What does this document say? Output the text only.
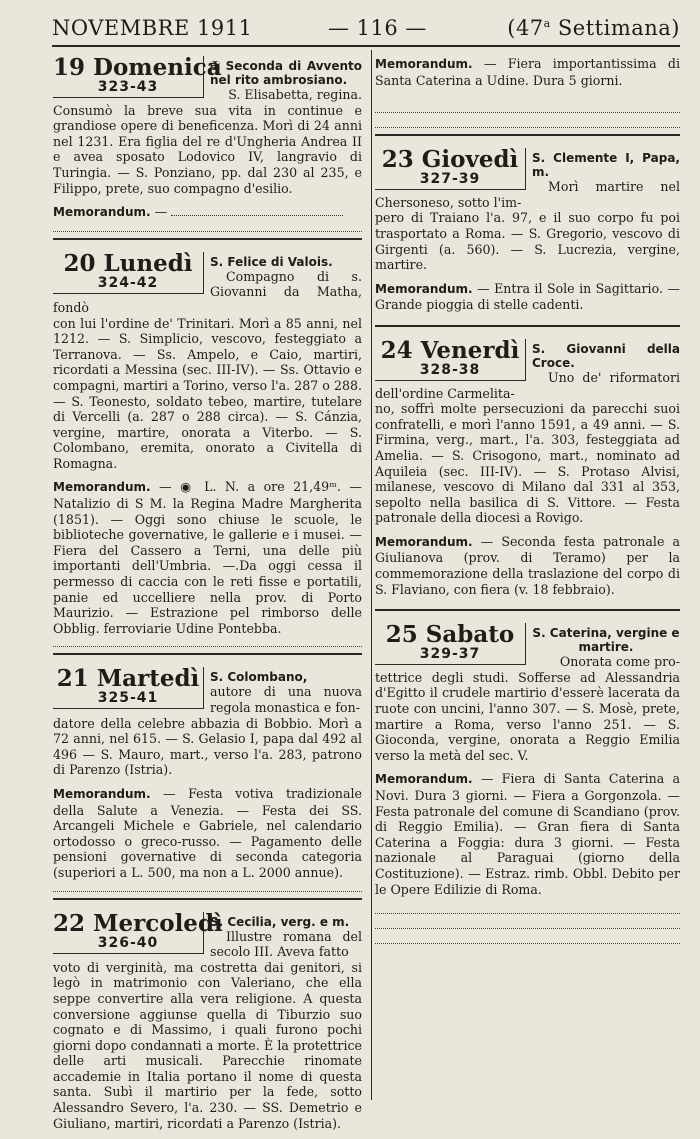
NOVEMBRE 1911	— 116 —	(47$^a$ Settimana)
19 Domenica
323-43
✠ Seconda di Avvento nel rito ambrosiano.
S. Elisabetta, regina.
Consumò la breve sua vita in continue e grandiose opere di beneficenza. Morì di 24 anni nel 1231. Era figlia del re d'Ungheria Andrea II e avea sposato Lodovico IV, langravio di Turingia. — S. Ponziano, pp. dal 230 al 235, e Filippo, prete, suo compagno d'esilio.
Memorandum. —
20 Lunedì
324-42
S. Felice di Valois.
Compagno di s. Giovanni da Matha, fondò
con lui l'ordine de' Trinitari. Morì a 85 anni, nel 1212. — S. Simplicio, vescovo, festeggiato a Terranova. — Ss. Ampelo, e Caio, martiri, ricordati a Messina (sec. III-IV). — Ss. Ottavio e compagni, martiri a Torino, verso l'a. 287 o 288. — S. Teonesto, soldato tebeo, martire, tutelare di Vercelli (a. 287 o 288 circa). — S. Cánzia, vergine, martire, onorata a Viterbo. — S. Colombano, eremita, onorato a Civitella di Romagna.
Memorandum. — ◉ L. N. a ore 21,49ᵐ. — Natalizio di S M. la Regina Madre Margherita (1851). — Oggi sono chiuse le scuole, le biblioteche governative, le gallerie e i musei. — Fiera del Cassero a Terni, una delle più importanti dell'Umbria. —.Da oggi cessa il permesso di caccia con le reti fisse e portatili, panie ed uccelliere nella prov. di Porto Maurizio. — Estrazione pel rimborso delle Obblig. ferroviarie Udine Pontebba.
21 Martedì
325-41
S. Colombano,
autore di una nuova regola monastica e fon-
datore della celebre abbazia di Bobbio. Morì a 72 anni, nel 615. — S. Gelasio I, papa dal 492 al 496 — S. Mauro, mart., verso l'a. 283, patrono di Parenzo (Istria).
Memorandum. — Festa votiva tradizionale della Salute a Venezia. — Festa dei SS. Arcangeli Michele e Gabriele, nel calendario ortodosso o greco-russo. — Pagamento delle pensioni governative di seconda categoria (superiori a L. 500, ma non a L. 2000 annue).
22 Mercoledì
326-40
S. Cecilia, verg. e m.
Illustre romana del secolo III. Aveva fatto
voto di verginità, ma costretta dai genitori, si legò in matrimonio con Valeriano, che ella seppe convertire alla vera religione. A questa conversione aggiunse quella di Tiburzio suo cognato e di Massimo, i quali furono pochi giorni dopo condannati a morte. È la protettrice delle arti musicali. Parecchie rinomate accademie in Italia portano il nome di questa santa. Subì il martirio per la fede, sotto Alessandro Severo, l'a. 230. — SS. Demetrio e Giuliano, martiri, ricordati a Parenzo (Istria).
Memorandum. — Fiera importantissima di Santa Caterina a Udine. Dura 5 giorni.
23 Giovedì
327-39
S. Clemente I, Papa, m.
Morì martire nel Chersoneso, sotto l'im-
pero di Traiano l'a. 97, e il suo corpo fu poi trasportato a Roma. — S. Gregorio, vescovo di Girgenti (a. 560). — S. Lucrezia, vergine, martire.
Memorandum. — Entra il Sole in Sagittario. — Grande pioggia di stelle cadenti.
24 Venerdì
328-38
S. Giovanni della Croce.
Uno de' riformatori dell'ordine Carmelita-
no, soffrì molte persecuzioni da parecchi suoi confratelli, e morì l'anno 1591, a 49 anni. — S. Firmina, verg., mart., l'a. 303, festeggiata ad Amelia. — S. Crisogono, mart., nominato ad Aquileia (sec. III-IV). — S. Protaso Alvisi, milanese, vescovo di Milano dal 331 al 353, sepolto nella basilica di S. Vittore. — Festa patronale della diocesi a Rovigo.
Memorandum. — Seconda festa patronale a Giulianova (prov. di Teramo) per la commemorazione della traslazione del corpo di S. Flaviano, con fiera (v. 18 febbraio).
25 Sabato
329-37
S. Caterina, vergine e martire.
Onorata come pro-
tettrice degli studi. Sofferse ad Alessandria d'Egitto il crudele martirio d'esserè lacerata da ruote con uncini, l'anno 307. — S. Mosè, prete, martire a Roma, verso l'anno 251. — S. Gioconda, vergine, onorata a Reggio Emilia verso la metà del sec. V.
Memorandum. — Fiera di Santa Caterina a Novi. Dura 3 giorni. — Fiera a Gorgonzola. — Festa patronale del comune di Scandiano (prov. di Reggio Emilia). — Gran fiera di Santa Caterina a Foggia: dura 3 giorni. — Festa nazionale al Paraguai (giorno della Costituzione). — Estraz. rimb. Obbl. Debito per le Opere Edilizie di Roma.
